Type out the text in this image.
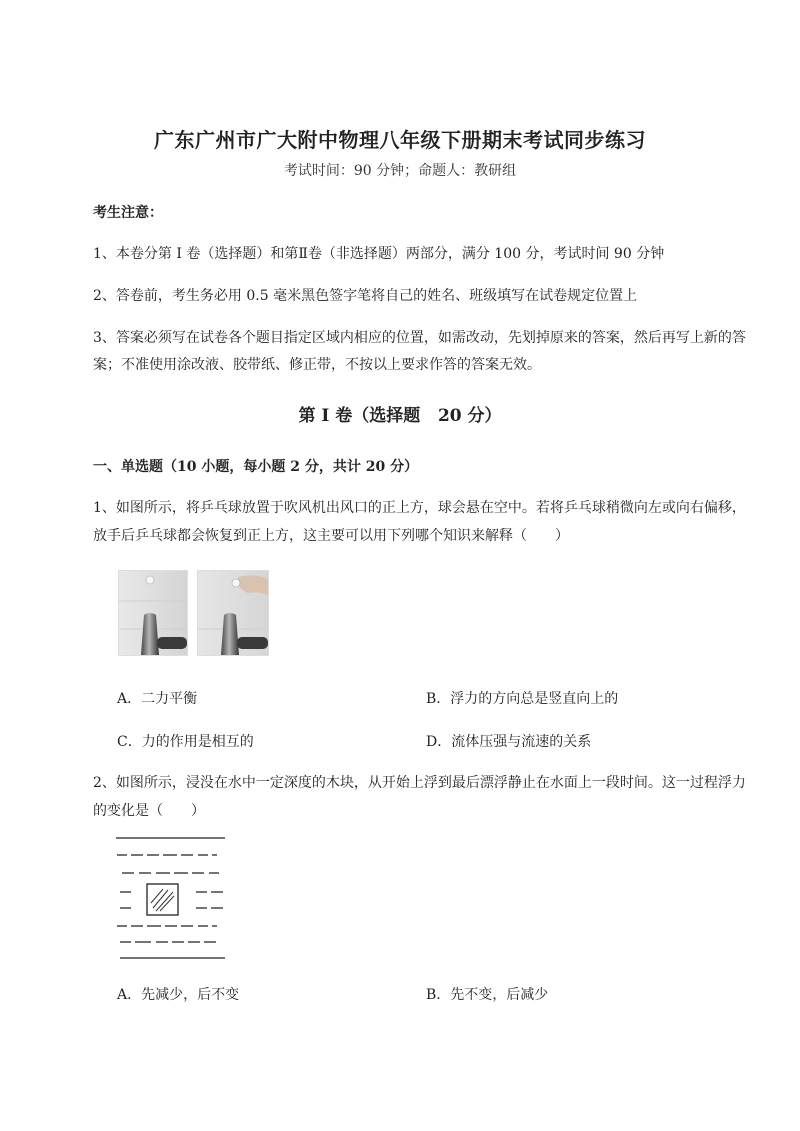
广东广州市广大附中物理八年级下册期末考试同步练习
考试时间：90 分钟；命题人：教研组
考生注意：
1、本卷分第 I 卷（选择题）和第Ⅱ卷（非选择题）两部分，满分 100 分，考试时间 90 分钟
2、答卷前，考生务必用 0.5 毫米黑色签字笔将自己的姓名、班级填写在试卷规定位置上
3、答案必须写在试卷各个题目指定区域内相应的位置，如需改动，先划掉原来的答案，然后再写上新的答案；不准使用涂改液、胶带纸、修正带，不按以上要求作答的答案无效。
第 I 卷（选择题   20 分）
一、单选题（10 小题，每小题 2 分，共计 20 分）
1、如图所示，将乒乓球放置于吹风机出风口的正上方，球会悬在空中。若将乒乓球稍微向左或向右偏移，放手后乒乓球都会恢复到正上方，这主要可以用下列哪个知识来解释（　　）
A．二力平衡	B．浮力的方向总是竖直向上的
C．力的作用是相互的	D．流体压强与流速的关系
2、如图所示，浸没在水中一定深度的木块，从开始上浮到最后漂浮静止在水面上一段时间。这一过程浮力的变化是（　　）
A．先减少，后不变	B．先不变，后减少
